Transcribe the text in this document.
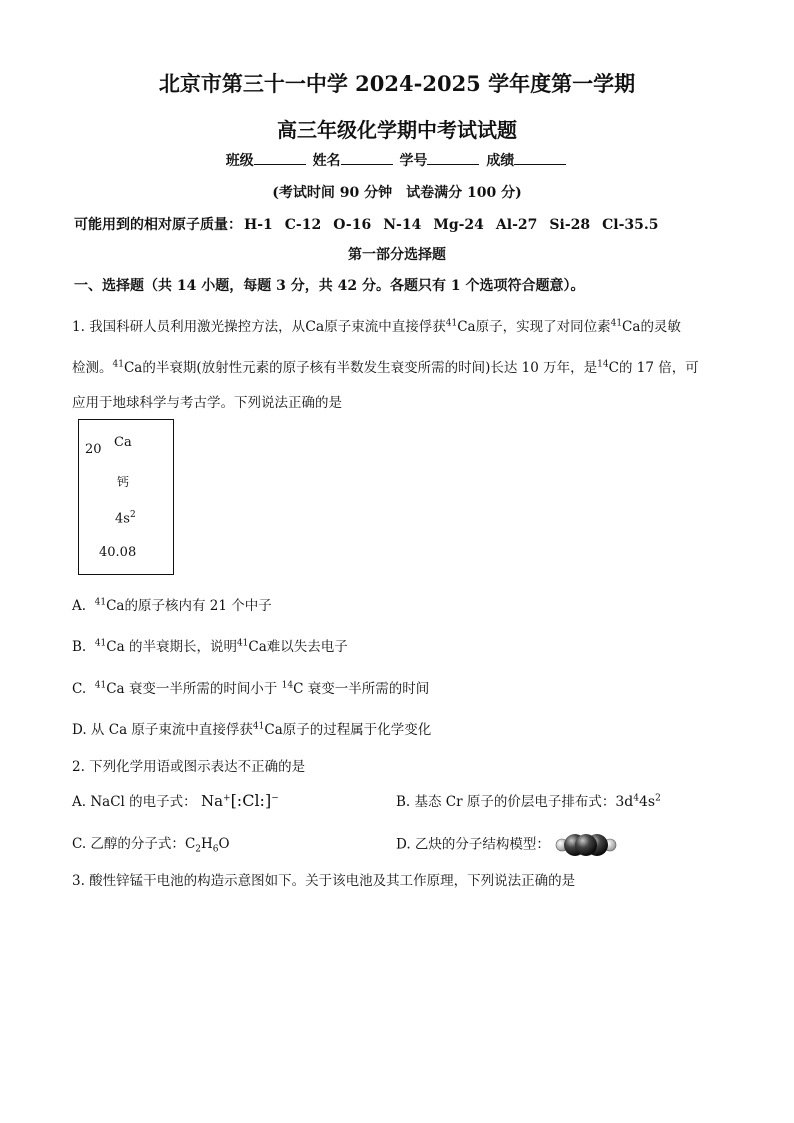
北京市第三十一中学 2024-2025 学年度第一学期
高三年级化学期中考试试题
班级	姓名	学号	成绩
(考试时间 90 分钟　试卷满分 100 分)
可能用到的相对原子质量： H-1 C-12 O-16 N-14 Mg-24 Al-27 Si-28 Cl-35.5
第一部分选择题
一、选择题（共 14 小题，每题 3 分，共 42 分。各题只有 1 个选项符合题意）。
1. 我国科研人员利用激光操控方法，从Ca原子束流中直接俘获$^{41}$Ca原子，实现了对同位素$^{41}$Ca的灵敏
检测。$^{41}$Ca的半衰期(放射性元素的原子核有半数发生衰变所需的时间)长达 10 万年，是$^{14}$C的 17 倍，可
应用于地球科学与考古学。下列说法正确的是
20 Ca
钙
$4s^2$
40.08
A. $^{41}$Ca的原子核内有 21 个中子
B. $^{41}$Ca 的半衰期长，说明$^{41}$Ca难以失去电子
C. $^{41}$Ca 衰变一半所需的时间小于 $^{14}$C 衰变一半所需的时间
D. 从 Ca 原子束流中直接俘获$^{41}$Ca原子的过程属于化学变化
2. 下列化学用语或图示表达不正确的是
A. NaCl 的电子式： Na+[:Cl:]−	B. 基态 Cr 原子的价层电子排布式：$3d^44s^2$
C. 乙醇的分子式：$C_2H_6O$	D. 乙炔的分子结构模型：
3. 酸性锌锰干电池的构造示意图如下。关于该电池及其工作原理，下列说法正确的是
